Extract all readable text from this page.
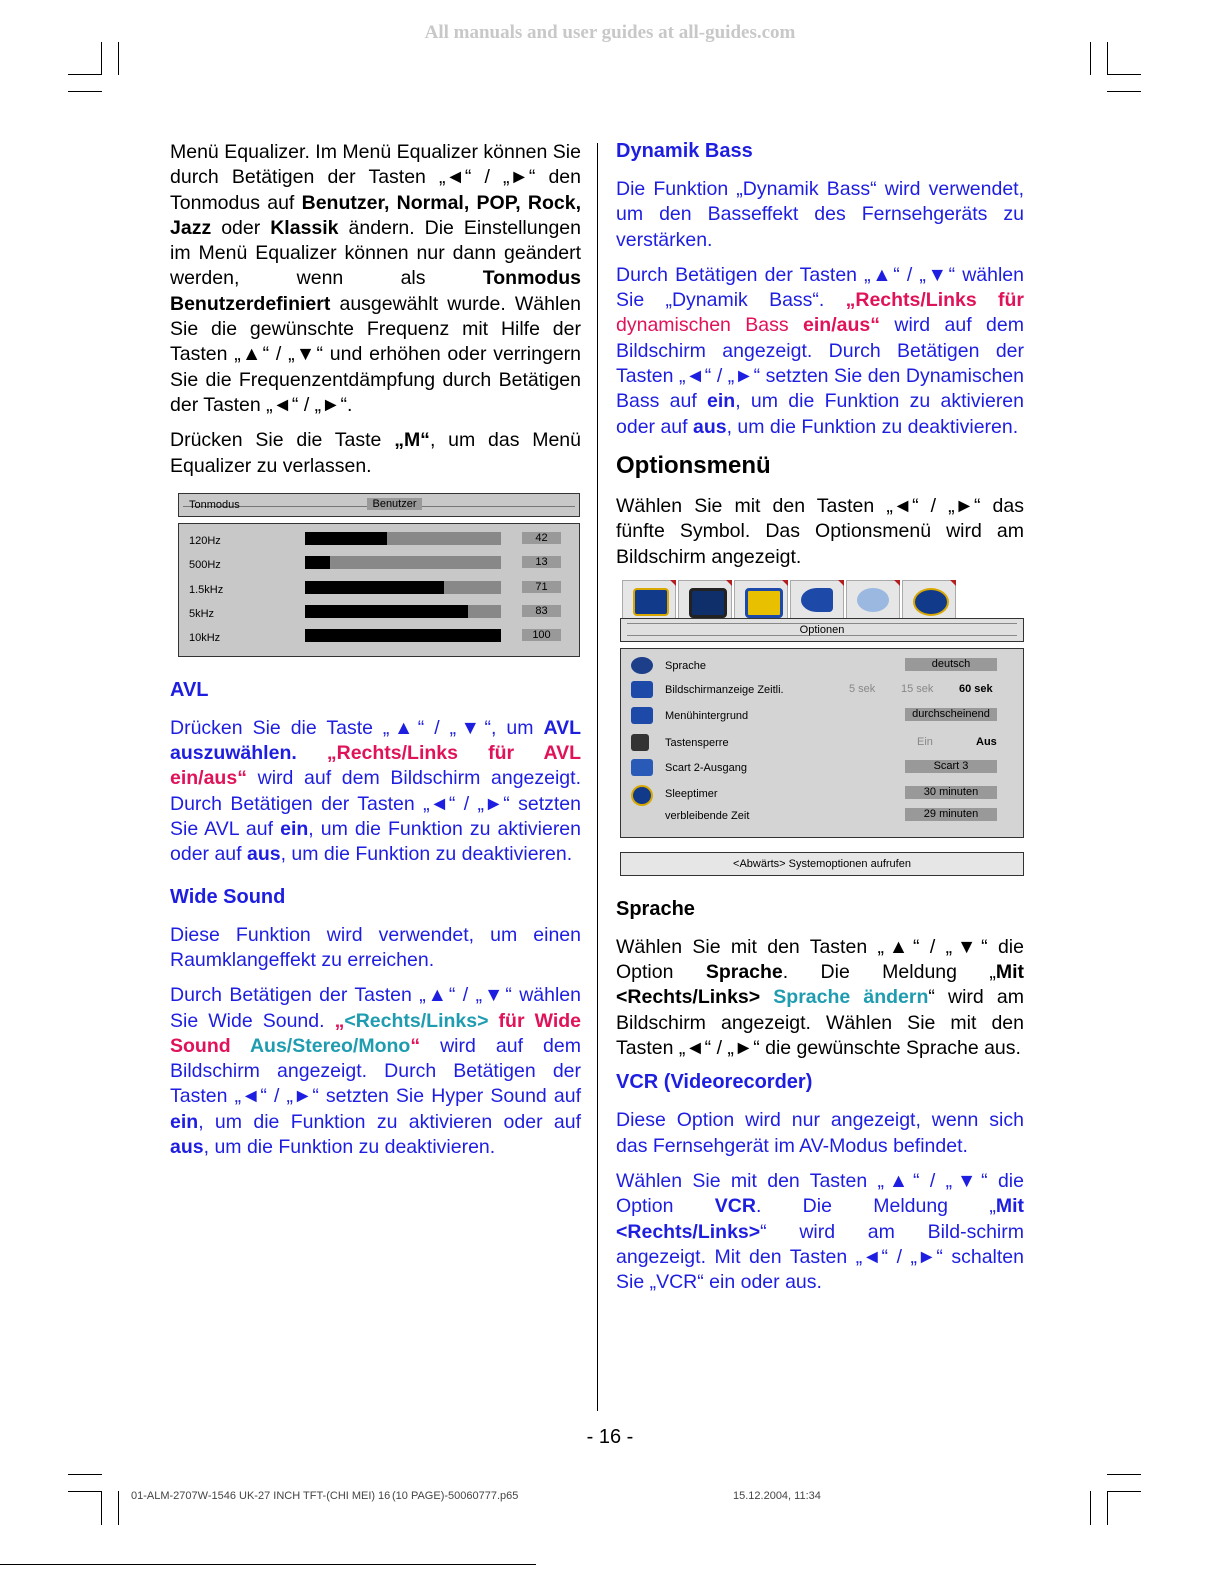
All manuals and user guides at all-guides.com

Menü Equalizer. Im Menü Equalizer können Sie durch Betätigen der Tasten „◄“ / „►“ den Tonmodus auf Benutzer, Normal, POP, Rock, Jazz oder Klassik ändern. Die Einstellungen im Menü Equalizer können nur dann geändert werden, wenn als Tonmodus Benutzerdefiniert ausgewählt wurde. Wählen Sie die gewünschte Frequenz mit Hilfe der Tasten „▲“ / „▼“ und erhöhen oder verringern Sie die Frequenzentdämpfung durch Betätigen der Tasten „◄“ / „►“.

Drücken Sie die Taste „M“, um das Menü Equalizer zu verlassen.

Tonmodus	Benutzer
120Hz	42
500Hz	13
1.5kHz	71
5kHz	83
10kHz	100
AVL

Drücken Sie die Taste „▲“ / „▼“, um AVL auszuwählen. „Rechts/Links für AVL ein/aus“ wird auf dem Bildschirm angezeigt. Durch Betätigen der Tasten „◄“ / „►“ setzten Sie AVL auf ein, um die Funktion zu aktivieren oder auf aus, um die Funktion zu deaktivieren.

Wide Sound

Diese Funktion wird verwendet, um einen Raumklangeffekt zu erreichen.

Durch Betätigen der Tasten „▲“ / „▼“ wählen Sie Wide Sound. „<Rechts/Links> für Wide Sound Aus/Stereo/Mono“ wird auf dem Bildschirm angezeigt. Durch Betätigen der Tasten „◄“ / „►“ setzten Sie Hyper Sound auf ein, um die Funktion zu aktivieren oder auf aus, um die Funktion zu deaktivieren.

Dynamik Bass

Die Funktion „Dynamik Bass“ wird verwendet, um den Basseffekt des Fernsehgeräts zu verstärken.

Durch Betätigen der Tasten „▲“ / „▼“ wählen Sie „Dynamik Bass“. „Rechts/Links für dynamischen Bass ein/aus“ wird auf dem Bildschirm angezeigt. Durch Betätigen der Tasten „◄“ / „►“ setzten Sie den Dynamischen Bass auf ein, um die Funktion zu aktivieren oder auf aus, um die Funktion zu deaktivieren.

Optionsmenü

Wählen Sie mit den Tasten „◄“ / „►“ das fünfte Symbol. Das Optionsmenü wird am Bildschirm angezeigt.

Optionen
Sprache	deutsch
Bildschirmanzeige Zeitli.	5 sek 15 sek 60 sek
Menühintergrund	durchscheinend
Tastensperre	Ein	Aus
Scart 2-Ausgang	Scart 3
Sleeptimer	30 minuten
verbleibende Zeit	29 minuten
<Abwärts> Systemoptionen aufrufen
Sprache

Wählen Sie mit den Tasten „▲“ / „▼“ die Option Sprache. Die Meldung „Mit <Rechts/Links> Sprache ändern“ wird am Bildschirm angezeigt. Wählen Sie mit den Tasten „◄“ / „►“ die gewünschte Sprache aus.

VCR (Videorecorder)

Diese Option wird nur angezeigt, wenn sich das Fernsehgerät im AV-Modus befindet.

Wählen Sie mit den Tasten „▲“ / „▼“ die Option VCR. Die Meldung „Mit <Rechts/Links>“ wird am Bild-schirm angezeigt. Mit den Tasten „◄“ / „►“ schalten Sie „VCR“ ein oder aus.

- 16 -
01-ALM-2707W-1546 UK-27 INCH TFT-(CHI MEI) 16 (10 PAGE)-50060777.p65	15.12.2004, 11:34
